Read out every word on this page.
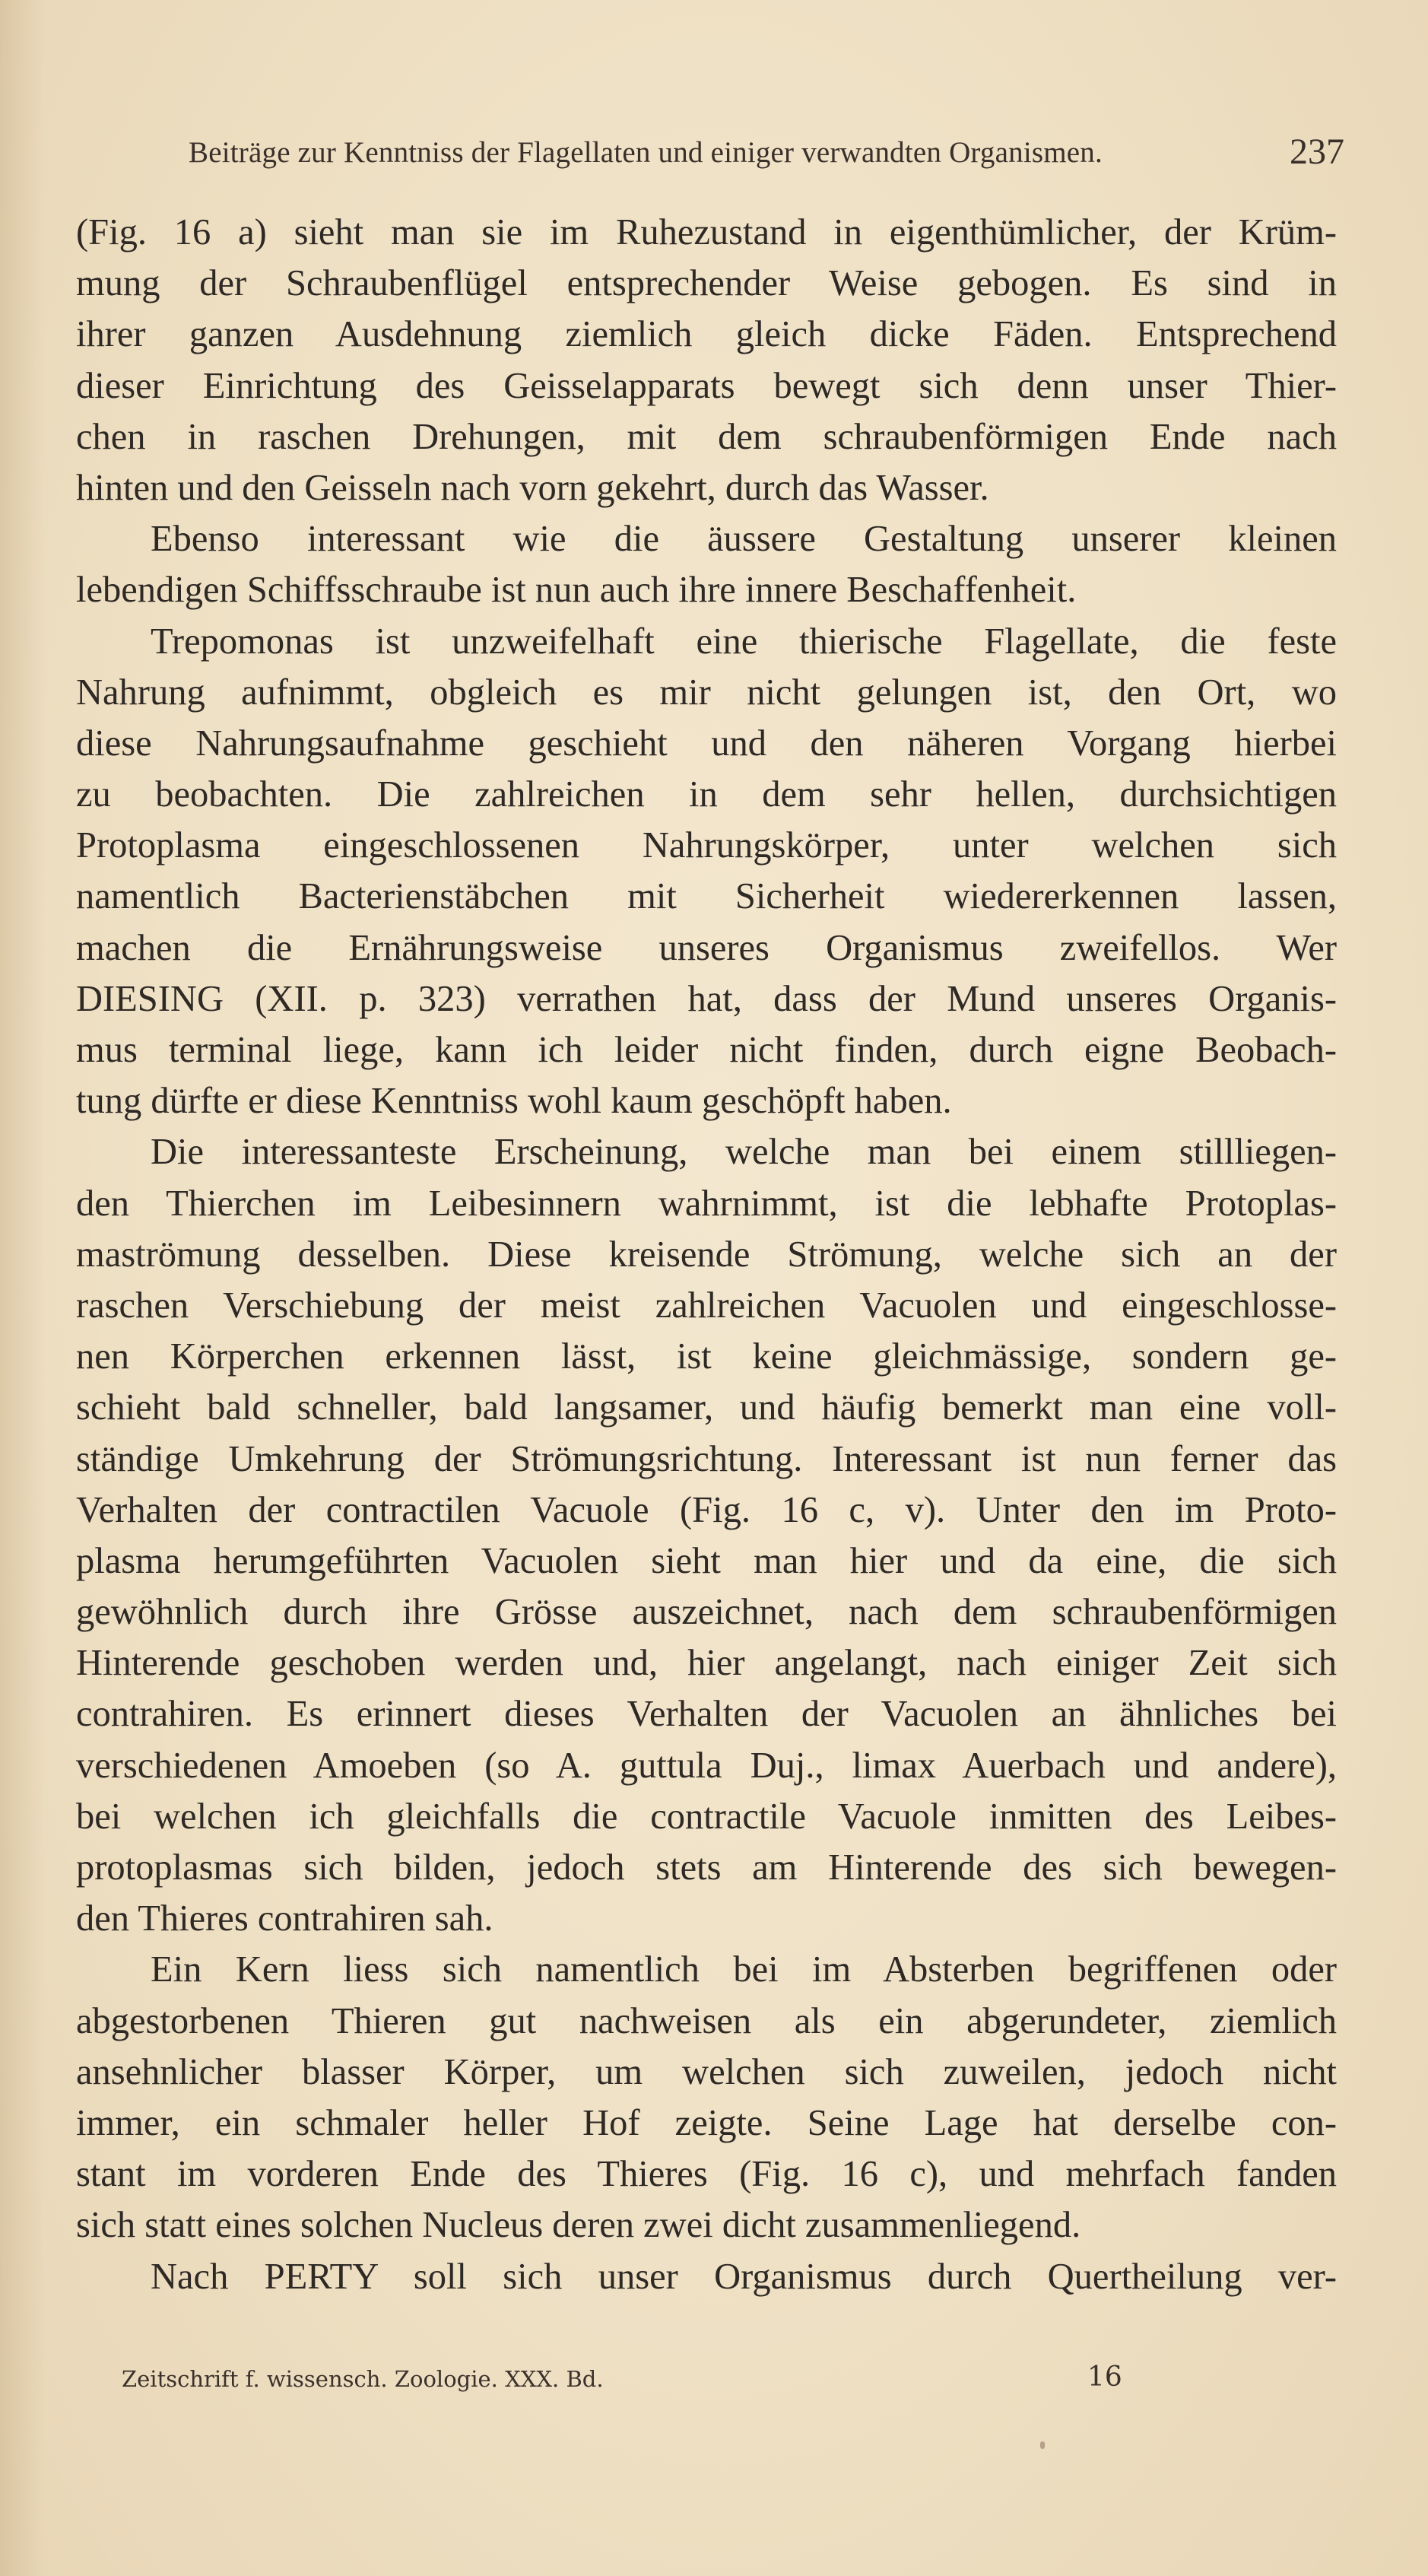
Beiträge zur Kenntniss der Flagellaten und einiger verwandten Organismen.	237
(Fig. 16 a) sieht man sie im Ruhezustand in eigenthümlicher, der Krüm-
mung der Schraubenflügel entsprechender Weise gebogen. Es sind in
ihrer ganzen Ausdehnung ziemlich gleich dicke Fäden. Entsprechend
dieser Einrichtung des Geisselapparats bewegt sich denn unser Thier-
chen in raschen Drehungen, mit dem schraubenförmigen Ende nach
hinten und den Geisseln nach vorn gekehrt, durch das Wasser.
Ebenso interessant wie die äussere Gestaltung unserer kleinen
lebendigen Schiffsschraube ist nun auch ihre innere Beschaffenheit.
Trepomonas ist unzweifelhaft eine thierische Flagellate, die feste
Nahrung aufnimmt, obgleich es mir nicht gelungen ist, den Ort, wo
diese Nahrungsaufnahme geschieht und den näheren Vorgang hierbei
zu beobachten. Die zahlreichen in dem sehr hellen, durchsichtigen
Protoplasma eingeschlossenen Nahrungskörper, unter welchen sich
namentlich Bacterienstäbchen mit Sicherheit wiedererkennen lassen,
machen die Ernährungsweise unseres Organismus zweifellos. Wer
DIESING (XII. p. 323) verrathen hat, dass der Mund unseres Organis-
mus terminal liege, kann ich leider nicht finden, durch eigne Beobach-
tung dürfte er diese Kenntniss wohl kaum geschöpft haben.
Die interessanteste Erscheinung, welche man bei einem stillliegen-
den Thierchen im Leibesinnern wahrnimmt, ist die lebhafte Protoplas-
maströmung desselben. Diese kreisende Strömung, welche sich an der
raschen Verschiebung der meist zahlreichen Vacuolen und eingeschlosse-
nen Körperchen erkennen lässt, ist keine gleichmässige, sondern ge-
schieht bald schneller, bald langsamer, und häufig bemerkt man eine voll-
ständige Umkehrung der Strömungsrichtung. Interessant ist nun ferner das
Verhalten der contractilen Vacuole (Fig. 16 c, v). Unter den im Proto-
plasma herumgeführten Vacuolen sieht man hier und da eine, die sich
gewöhnlich durch ihre Grösse auszeichnet, nach dem schraubenförmigen
Hinterende geschoben werden und, hier angelangt, nach einiger Zeit sich
contrahiren. Es erinnert dieses Verhalten der Vacuolen an ähnliches bei
verschiedenen Amoeben (so A. guttula Duj., limax Auerbach und andere),
bei welchen ich gleichfalls die contractile Vacuole inmitten des Leibes-
protoplasmas sich bilden, jedoch stets am Hinterende des sich bewegen-
den Thieres contrahiren sah.
Ein Kern liess sich namentlich bei im Absterben begriffenen oder
abgestorbenen Thieren gut nachweisen als ein abgerundeter, ziemlich
ansehnlicher blasser Körper, um welchen sich zuweilen, jedoch nicht
immer, ein schmaler heller Hof zeigte. Seine Lage hat derselbe con-
stant im vorderen Ende des Thieres (Fig. 16 c), und mehrfach fanden
sich statt eines solchen Nucleus deren zwei dicht zusammenliegend.
Nach PERTY soll sich unser Organismus durch Quertheilung ver-
Zeitschrift f. wissensch. Zoologie. XXX. Bd.	16
